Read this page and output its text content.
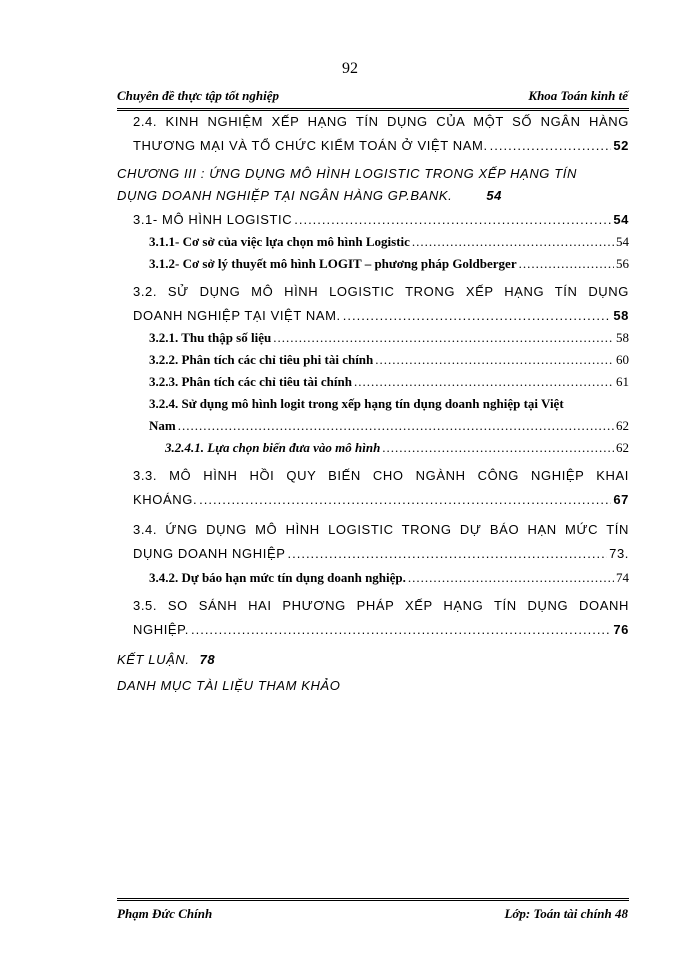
92
Chuyên đề thực tập tốt nghiệp	Khoa Toán kinh tế
2.4. KINH NGHIỆM XẾP HẠNG TÍN DỤNG CỦA MỘT SỐ NGÂN HÀNG
THƯƠNG MẠI VÀ TỔ CHỨC KIỂM TOÁN Ở VIỆT NAM. .....	52
CHƯƠNG III : ỨNG DỤNG MÔ HÌNH LOGISTIC TRONG XẾP HẠNG TÍN
DỤNG DOANH NGHIỆP TẠI NGÂN HÀNG GP.BANK.	54
3.1- MÔ HÌNH LOGISTIC .....	54
3.1.1- Cơ sở của việc lựa chọn mô hình Logistic .....	54
3.1.2- Cơ sở lý thuyết mô hình LOGIT – phương pháp Goldberger .....	56
3.2. SỬ DỤNG MÔ HÌNH LOGISTIC TRONG XẾP HẠNG TÍN DỤNG
DOANH NGHIỆP TẠI VIỆT NAM. .....	58
3.2.1. Thu thập số liệu .....	58
3.2.2. Phân tích các chỉ tiêu phi tài chính .....	60
3.2.3. Phân tích các chỉ tiêu tài chính .....	61
3.2.4. Sử dụng mô hình logit trong xếp hạng tín dụng doanh nghiệp tại Việt
Nam .....	62
3.2.4.1. Lựa chọn biến đưa vào mô hình .....	62
3.3. MÔ HÌNH HỒI QUY BIẾN CHO NGÀNH CÔNG NGHIỆP KHAI
KHOÁNG. .....	67
3.4. ỨNG DỤNG MÔ HÌNH LOGISTIC TRONG DỰ BÁO HẠN MỨC TÍN
DỤNG DOANH NGHIỆP .....	73.
3.4.2. Dự báo hạn mức tín dụng doanh nghiệp. .....	74
3.5. SO SÁNH HAI PHƯƠNG PHÁP XẾP HẠNG TÍN DỤNG DOANH
NGHIỆP. .....	76
KẾT LUẬN. 78
DANH MỤC TÀI LIỆU THAM KHẢO
Phạm Đức Chính	Lớp: Toán tài chính 48
